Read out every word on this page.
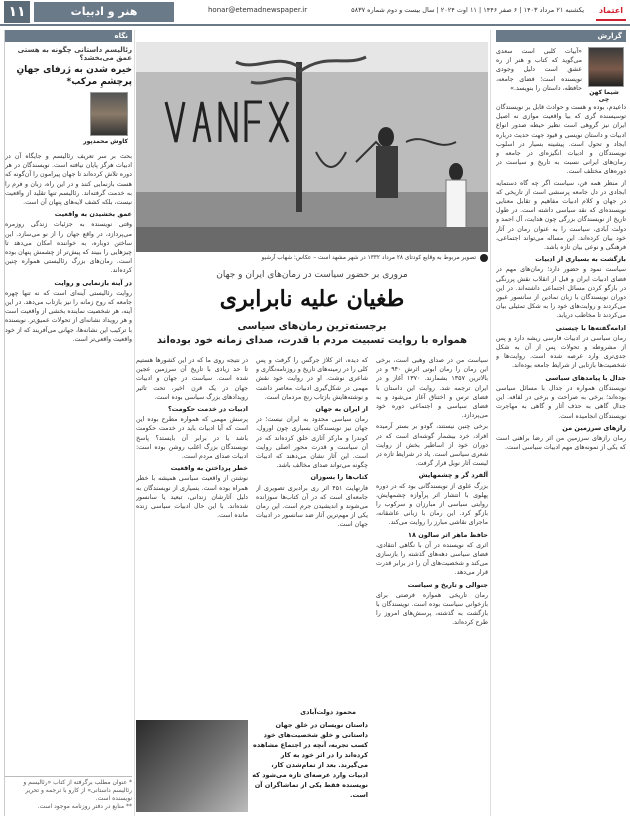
۱۱	هنر و ادبیات	honar@etemadnewspaper.ir	یکشنبه ۲۱ مرداد ۱۴۰۳ | ۶ صفر ۱۴۴۶ | ۱۱ اوت ۲۰۲۴ | سال بیست و دوم شماره ۵۸۳۷	اعتماد
گزارش
شیما کهن چی
«آبیات کلبی است سعدی می‌گوید که کتاب و هنر از ره عشق است دلیل وجودی نویسنده است؛ فضای جامعه، حافظه، داستان را بنویسد.»

داعیدم، بوده و هست و حوادث قابل بر نویسندگان توسیسنده گری که بیا واقعیت موازی نه اصیل ایران نیز گروهی است نظیر حیطه صدور انواع ادبیات و داستان نویسی و قیود جهت حدیث درباره ایجاد و تحول است. پیشینه بسیار در اسلوب نویسندگان و ادبیات انگیزه‌ای در جامعه و رمان‌های ایرانی نسبت به تاریخ و سیاست در دوره‌های مختلف است.

از منظر همه فن، سیاست اگر چه گاه دستمایه ایجادی در دل جامعه پرسشی است از تاریخی که در جهان و کلام ادبیات مفاهیم و تقابل معنایی نویسنده‌ای که نقد سیاسی داشته است. در طول تاریخ از نویسندگان بزرگی چون هدایت، آل احمد و دولت آبادی، سیاست را به عنوان رمان در آثار خود بیان کرده‌اند. این مساله می‌تواند اجتماعی، فرهنگی و نوعی بیان تازه باشد.

بازگشت به بسیاری از ادبیات

سیاست نمود و حضور دارد؛ رمان‌های مهم در فضای ادبیات ایران و قبل از انقلاب نقش پررنگی در بازگو کردن مسائل اجتماعی داشته‌اند. در این دوران نویسندگان با زبان نمادین از سانسور عبور می‌کردند و روایت‌های خود را به شکل تمثیلی بیان می‌کردند تا مخاطب دریابد.

ادامه‌گفته‌ها با چیستی

رمان سیاسی در ادبیات فارسی ریشه دارد و پس از مشروطه و تحولات پس از آن به شکل جدی‌تری وارد عرصه شده است. روایت‌ها و شخصیت‌ها بازتابی از شرایط جامعه بوده‌اند.

جدال با پیامدهای سیاسی

نویسندگان همواره در جدال با مسائل سیاسی بوده‌اند؛ برخی به صراحت و برخی در لفافه. این جدال گاهی به حذف آثار و گاهی به مهاجرت نویسندگان انجامیده است.

راز‌های سرزمین من

رمان رازهای سرزمین من اثر رضا براهنی است که یکی از نمونه‌های مهم ادبیات سیاسی است.

تصویر مربوط به وقایع کودتای ۲۸ مرداد ۱۳۳۲ در شهر مشهد است – عکاس: شهاب آرشیو
مروری بر حضور سیاست در رمان‌های ایران و جهان
طغیان علیه نابرابری
برجسته‌ترین رمان‌های سیاسی
همواره با روایت تسبیت مردم با قدرت، صدای زمانه خود بوده‌اند

سیاست من در صدای وهبی است، برخی این رمان را رمان ابوتی اثرش ۹۴۰ و در بالاترین ۱۳۵۷ بشمارند. ۱۳۷۰ آغاز و در ایران ترجمه شد. روایت این داستان با فضای ترس و اختناق آغاز می‌شود و به فضای سیاسی و اجتماعی دوره خود می‌پردازد.

برخی چنین نیستند، گودو بر بستر آرمیده افراد، خرد بیشمار گوشه‌ای است که در دوران خود از اساطیر بخش از روایت شعری سیاسی است. یاد در شرایط تازه در لیست آثار نوبل قرار گرفت.

آلفرد گر و چشمهایش

بزرگ علوی از نویسندگانی بود که در دوره پهلوی با انتشار اثر پرآوازه چشمهایش، روایتی سیاسی از مبارزان و سرکوب را بازگو کرد. این رمان با زبانی عاشقانه، ماجرای نقاشی مبارز را روایت می‌کند.

حافظ ماهر اثر سالون ۱۸

اثری که نویسنده در آن با نگاهی انتقادی، فضای سیاسی دهه‌های گذشته را بازسازی می‌کند و شخصیت‌های آن را در برابر قدرت قرار می‌دهد.

جنوالی و تاریخ و سیاست

رمان تاریخی همواره فرصتی برای بازخوانی سیاست بوده است. نویسندگان با بازگشت به گذشته، پرسش‌های امروز را طرح کرده‌اند.

که دیده، اثر کلاژ جرگس را گرفت و پس کلی را در زمینه‌های تاریخ و روزنامه‌نگاری و شاعری نوشت. او در روایت خود نقش مهمی در شکل‌گیری ادبیات معاصر داشت و نوشته‌هایش بازتاب رنج مردمان است.

از ایران به جهان

رمان سیاسی محدود به ایران نیست؛ در جهان نیز نویسندگان بسیاری چون اورول، کوندرا و مارکز آثاری خلق کرده‌اند که در آن سیاست و قدرت محور اصلی روایت است. این آثار نشان می‌دهند که ادبیات چگونه می‌تواند صدای مخالف باشد.

کتاب‌ها را بسوزان

فارنهایت ۴۵۱ اثر ری برادبری تصویری از جامعه‌ای است که در آن کتاب‌ها سوزانده می‌شوند و اندیشیدن جرم است. این رمان یکی از مهم‌ترین آثار ضد سانسور در ادبیات جهان است.

در نتیجه روی ما که در این کشورها هستیم تا حد زیادی با تاریخ آن سرزمین عجین شده است. سیاست در جهان و ادبیات جهان در یک قرن اخیر، تحت تاثیر رویدادهای بزرگ سیاسی بوده است.

ادبیات در خدمت حکومت؟

پرسش مهمی که همواره مطرح بوده این است که آیا ادبیات باید در خدمت حکومت باشد یا در برابر آن بایستد؟ پاسخ نویسندگان بزرگ اغلب روشن بوده است: ادبیات صدای مردم است.

خطر پرداختن به واقعیت

نوشتن از واقعیت سیاسی همیشه با خطر همراه بوده است. بسیاری از نویسندگان به دلیل آثارشان زندانی، تبعید یا سانسور شده‌اند. با این حال ادبیات سیاسی زنده مانده است.

داستان نویسان در خلق جهان داستانی و خلق شخصیت‌های خود کسب تجربه، آنچه در اجتماع مشاهده کرده‌اند را در اثر خود به کار می‌گیرند. بعد از تمام‌شدن کار، ادبیات وارد عرصه‌ای تازه می‌شود که نویسنده فقط یکی از تماشاگران آن است.
محمود دولت‌آبادی
نگاه
رئالیسم داستانی چگونه به هستی عمق می‌بخشد؟
خیره شدن به ژرفای جهانِ پرچشمِ مرکب*
کاوش محمدپور

بحث بر سر تعریف رئالیسم و جایگاه آن در ادبیات هرگز پایان نیافته است. نویسندگان در هر دوره تلاش کرده‌اند تا جهان پیرامون را آن‌گونه که هست بازنمایی کنند و در این راه، زبان و فرم را به خدمت گرفته‌اند. رئالیسم تنها تقلید از واقعیت نیست، بلکه کشف لایه‌های پنهان آن است.

عمق بخشیدن به واقعیت

وقتی نویسنده به جزئیات زندگی روزمره می‌پردازد، در واقع جهان را از نو می‌سازد. این ساختن دوباره، به خواننده امکان می‌دهد تا چیزهایی را ببیند که پیش‌تر از چشمش پنهان بوده است. رمان‌های بزرگ رئالیستی همواره چنین کرده‌اند.

در آینه بازنمایی و روایت

روایت رئالیستی آینه‌ای است که نه تنها چهره جامعه که روح زمانه را نیز بازتاب می‌دهد. در این آینه، هر شخصیت نماینده بخشی از واقعیت است و هر رویداد نشانه‌ای از تحولات عمیق‌تر. نویسنده با ترکیب این نشانه‌ها، جهانی می‌آفریند که از خود واقعیت واقعی‌تر است.

* عنوان مطلب برگرفته از کتاب «رئالیسم و رئالیسم داستانی» از کارو با ترجمه و تحریر نویسنده است.
** منابع در دفتر روزنامه موجود است.
